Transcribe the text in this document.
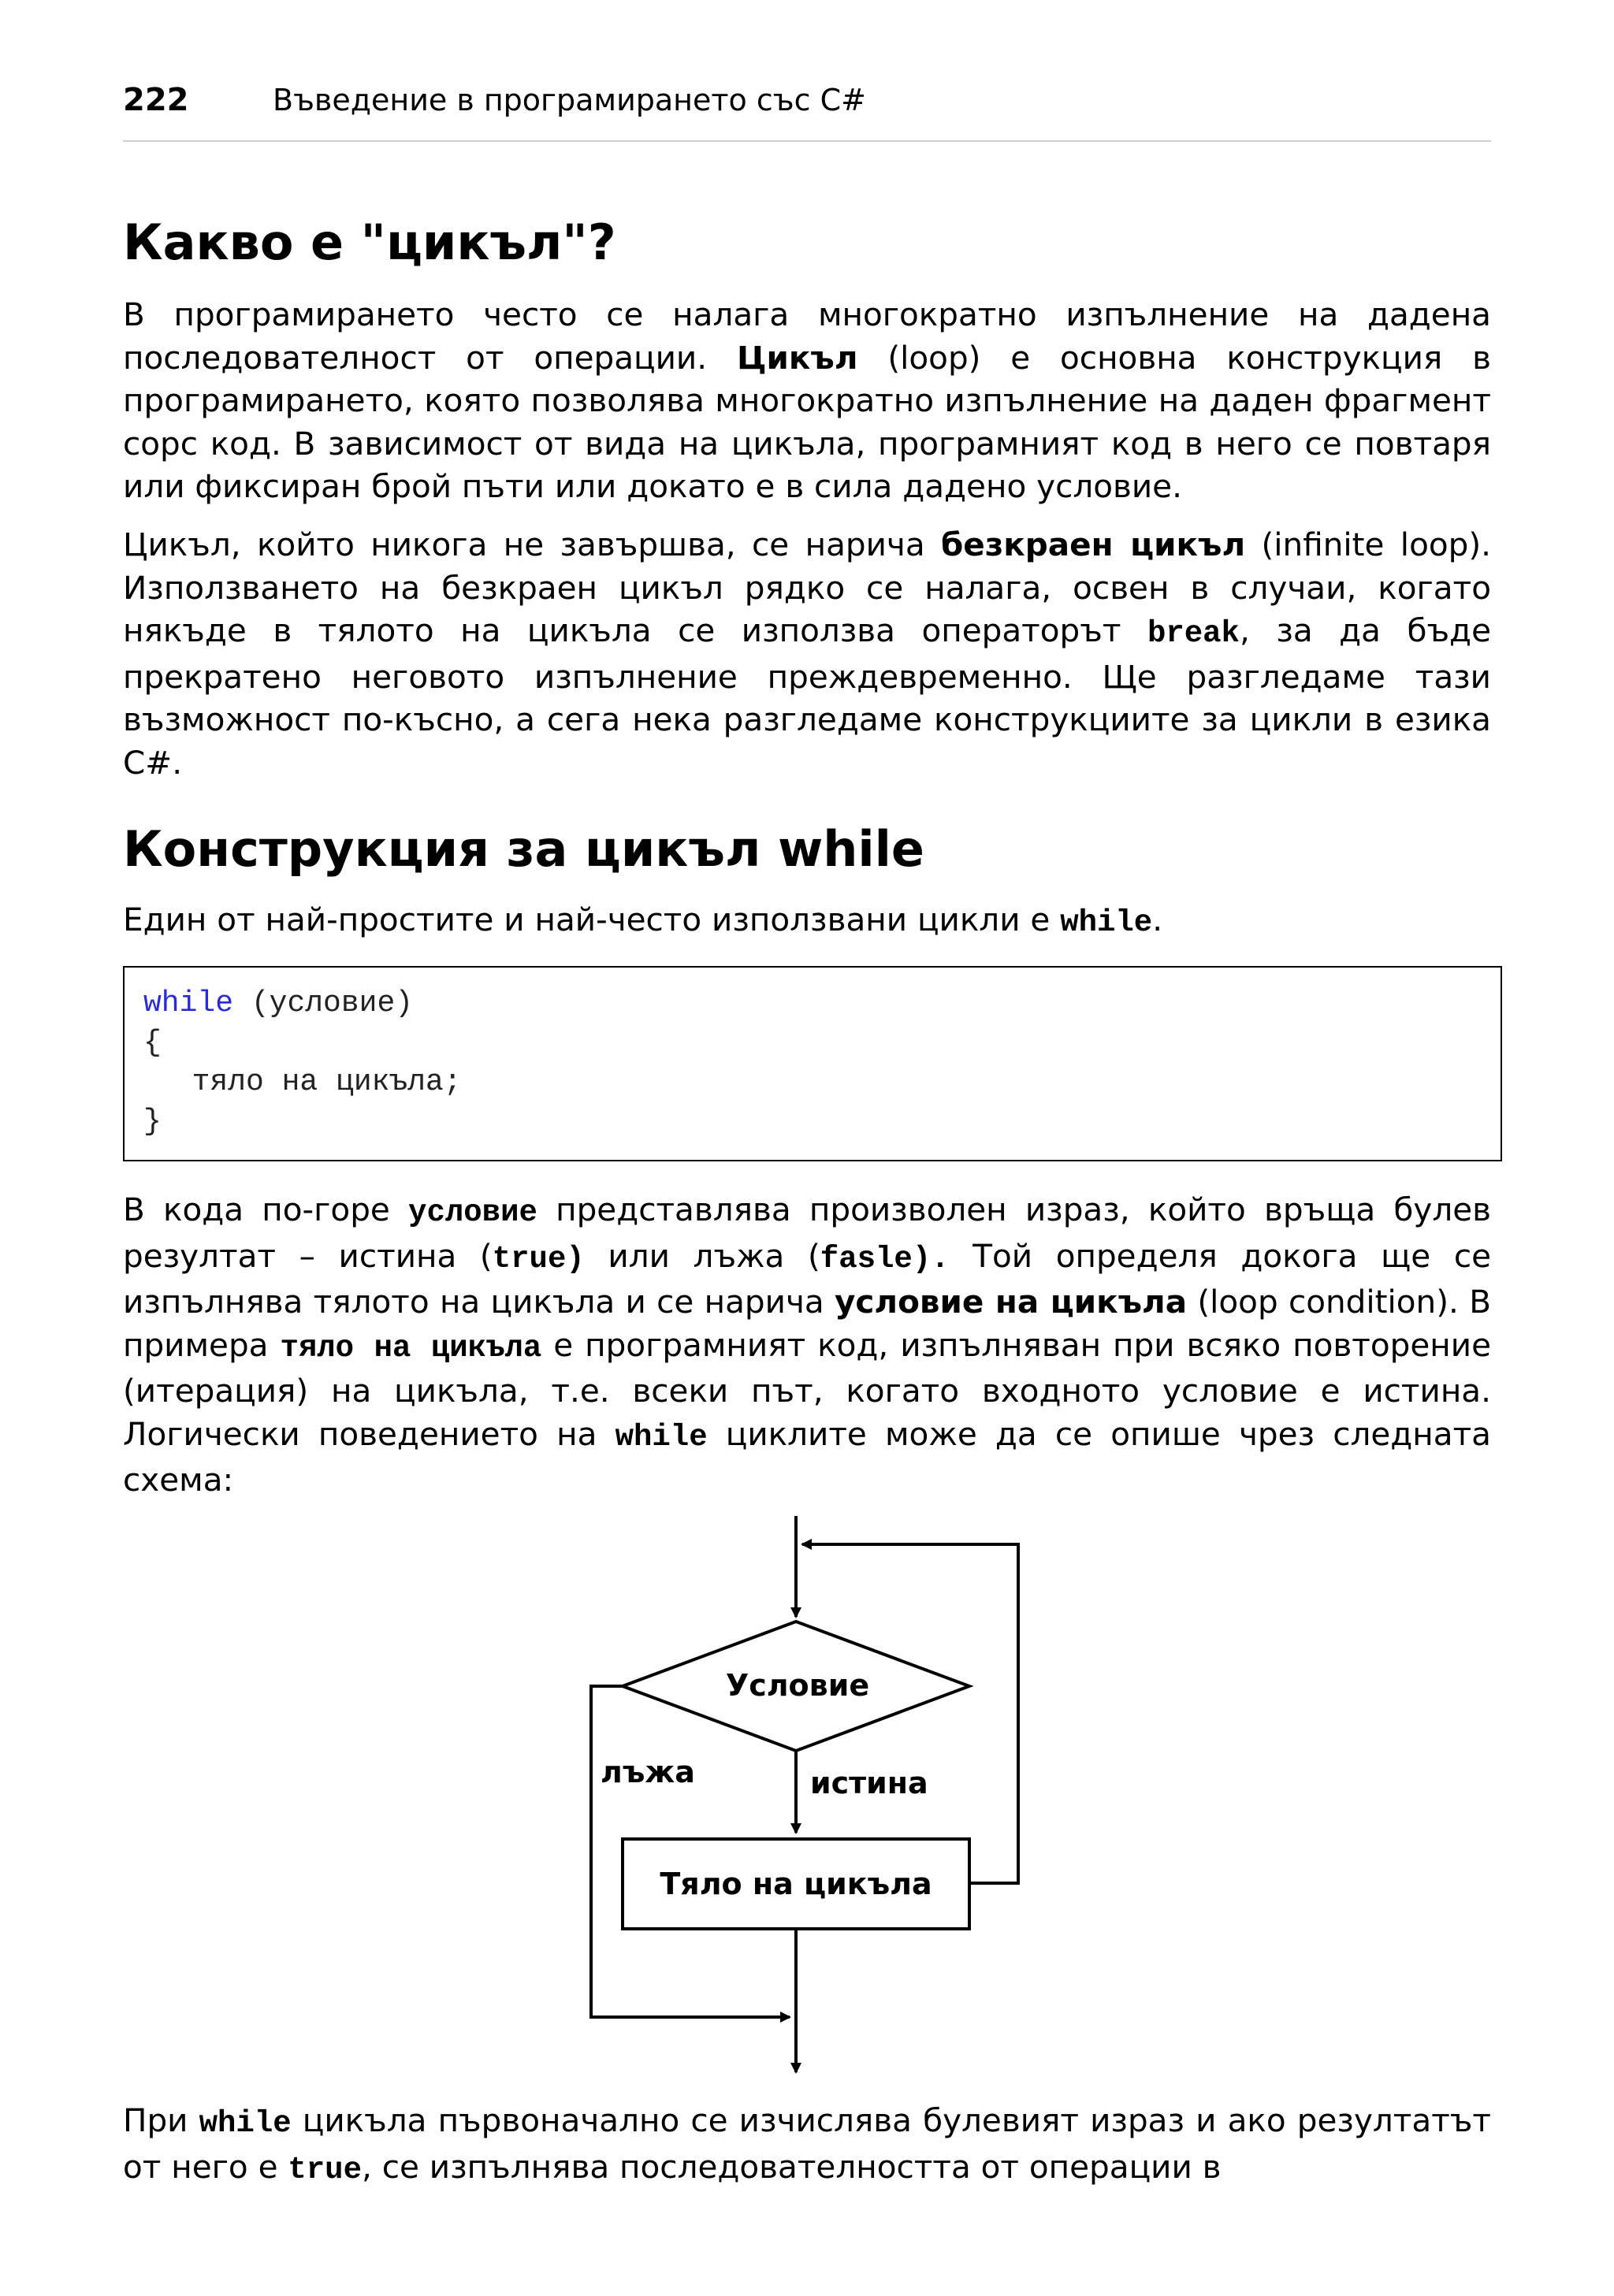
222	Въведение в програмирането със C#
Какво е "цикъл"?

В програмирането често се налага многократно изпълнение на дадена последователност от операции. Цикъл (loop) е основна конструкция в програмирането, която позволява многократно изпълнение на даден фрагмент сорс код. В зависимост от вида на цикъла, програмният код в него се повтаря или фиксиран брой пъти или докато е в сила дадено условие.

Цикъл, който никога не завършва, се нарича безкраен цикъл (infinite loop). Използването на безкраен цикъл рядко се налага, освен в случаи, когато някъде в тялото на цикъла се използва операторът break, за да бъде прекратено неговото изпълнение преждевременно. Ще разгледаме тази възможност по-късно, а сега нека разгледаме конструкциите за цикли в езика C#.

Конструкция за цикъл while

Един от най-простите и най-често използвани цикли е while.

while (условие)
{
тяло на цикъла;
}

В кода по-горе условие представлява произволен израз, който връща булев резултат – истина (true) или лъжа (fasle). Той определя докога ще се изпълнява тялото на цикъла и се нарича условие на цикъла (loop condition). В примера тяло на цикъла е програмният код, изпълняван при всяко повторение (итерация) на цикъла, т.е. всеки път, когато входното условие е истина. Логически поведението на while циклите може да се опише чрез следната схема:

При while цикъла първоначално се изчислява булевият израз и ако резултатът от него е true, се изпълнява последователността от операции в

Условие
лъжа	истина
Тяло на цикъла
